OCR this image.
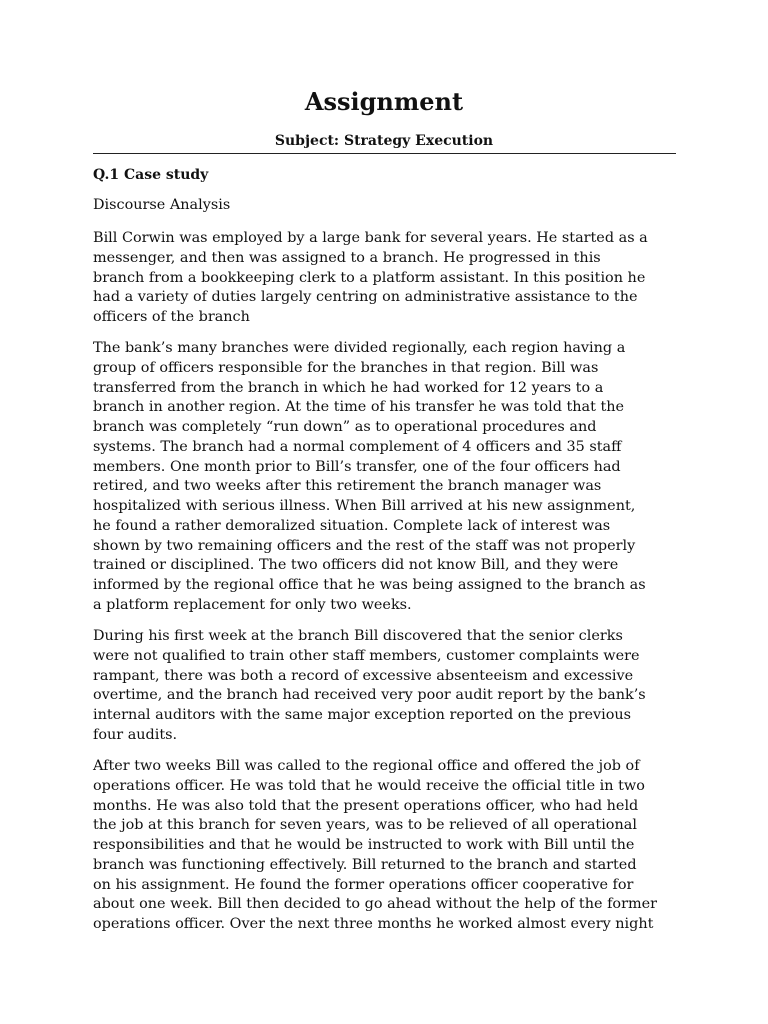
Assignment
Subject: Strategy Execution
Q.1 Case study

Discourse Analysis

Bill Corwin was employed by a large bank for several years. He started as a
messenger, and then was assigned to a branch. He progressed in this
branch from a bookkeeping clerk to a platform assistant. In this position he
had a variety of duties largely centring on administrative assistance to the
officers of the branch

The bank’s many branches were divided regionally, each region having a
group of officers responsible for the branches in that region. Bill was
transferred from the branch in which he had worked for 12 years to a
branch in another region. At the time of his transfer he was told that the
branch was completely “run down” as to operational procedures and
systems. The branch had a normal complement of 4 officers and 35 staff
members. One month prior to Bill’s transfer, one of the four officers had
retired, and two weeks after this retirement the branch manager was
hospitalized with serious illness. When Bill arrived at his new assignment,
he found a rather demoralized situation. Complete lack of interest was
shown by two remaining officers and the rest of the staff was not properly
trained or disciplined. The two officers did not know Bill, and they were
informed by the regional office that he was being assigned to the branch as
a platform replacement for only two weeks.

During his first week at the branch Bill discovered that the senior clerks
were not qualified to train other staff members, customer complaints were
rampant, there was both a record of excessive absenteeism and excessive
overtime, and the branch had received very poor audit report by the bank’s
internal auditors with the same major exception reported on the previous
four audits.

After two weeks Bill was called to the regional office and offered the job of
operations officer. He was told that he would receive the official title in two
months. He was also told that the present operations officer, who had held
the job at this branch for seven years, was to be relieved of all operational
responsibilities and that he would be instructed to work with Bill until the
branch was functioning effectively. Bill returned to the branch and started
on his assignment. He found the former operations officer cooperative for
about one week. Bill then decided to go ahead without the help of the former
operations officer. Over the next three months he worked almost every night
